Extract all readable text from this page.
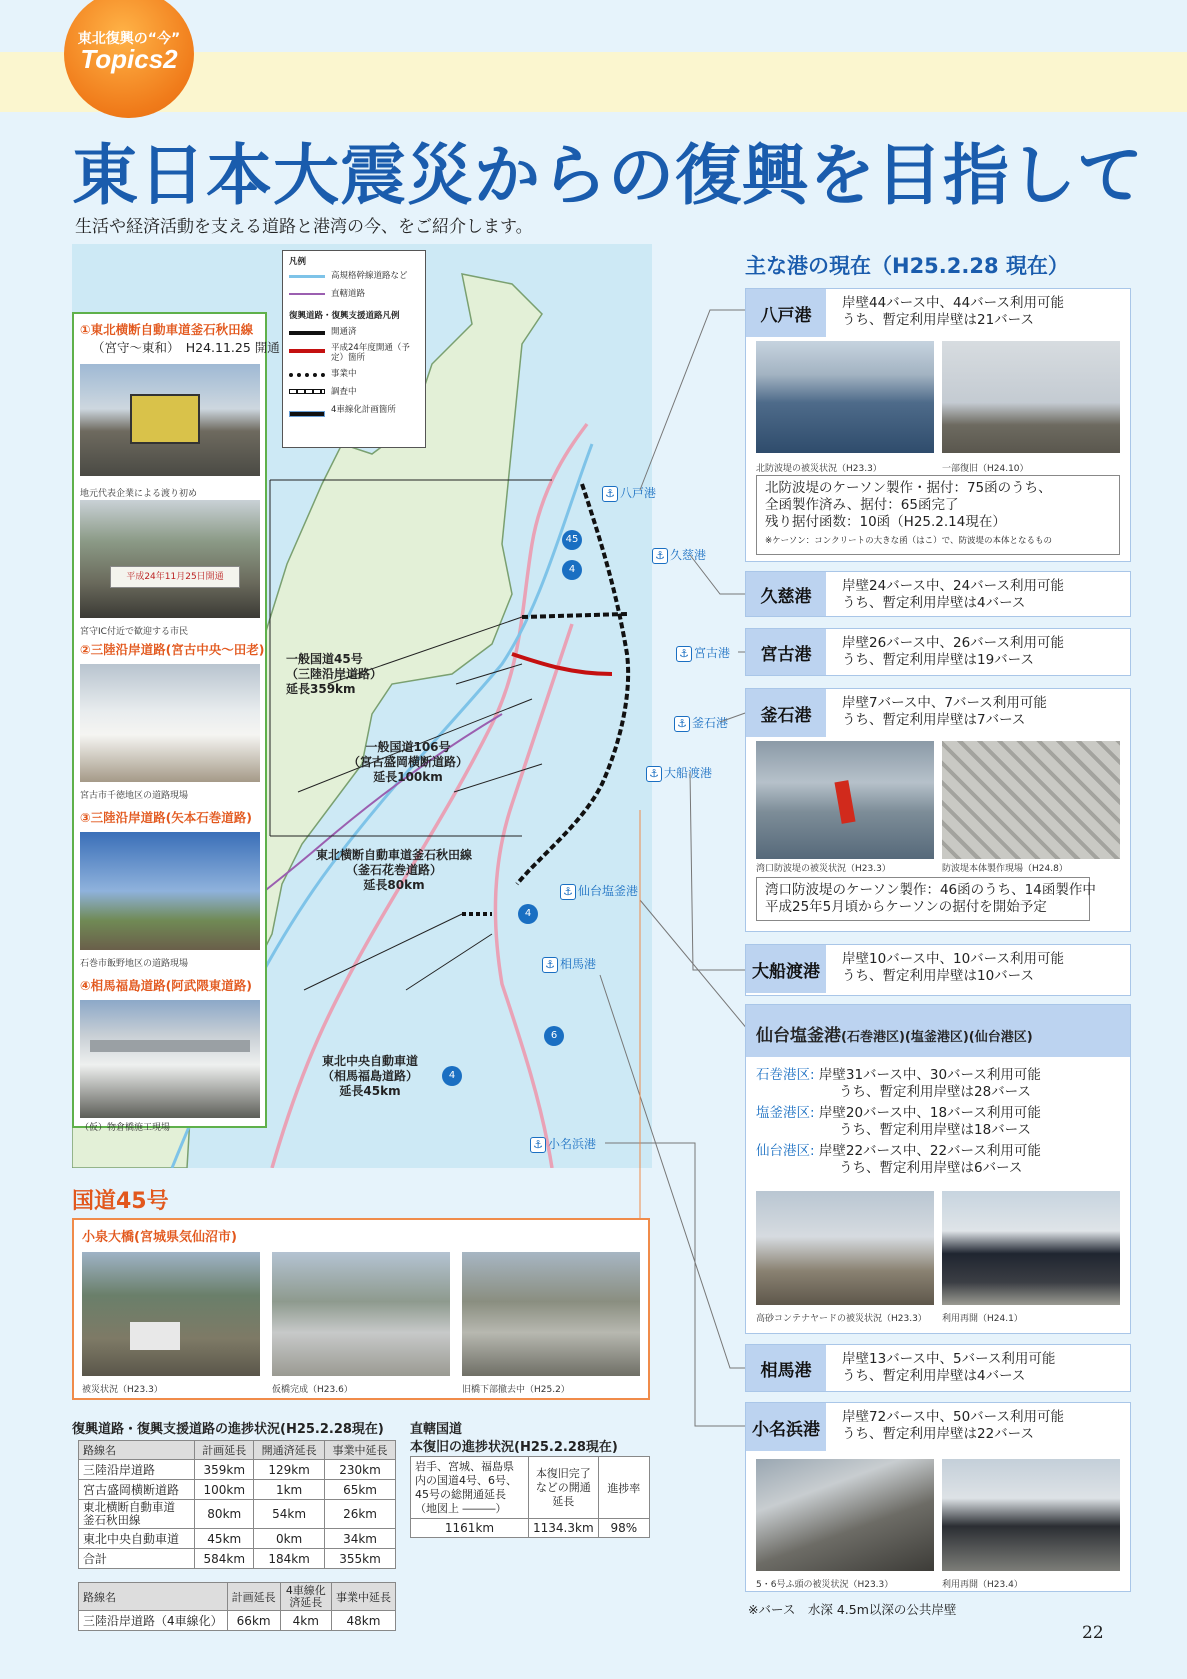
東北復興の“今”
Topics2
東日本大震災からの復興を目指して
生活や経済活動を支える道路と港湾の今、をご紹介します。
凡例
高規格幹線道路など
直轄道路
復興道路・復興支援道路凡例
開通済
平成24年度開通（予定）箇所
事業中
調査中
4車線化計画箇所
一般国道45号
（三陸沿岸道路）
延長359km
一般国道106号
（宮古盛岡横断道路）
延長100km
東北横断自動車道釜石秋田線
（釜石花巻道路）
延長80km
東北中央自動車道
（相馬福島道路）
延長45km
45
4
4
6
4
⚓ 八戸港
⚓ 久慈港
⚓ 宮古港
⚓ 釜石港
⚓ 大船渡港
⚓ 仙台塩釜港
⚓ 相馬港
⚓ 小名浜港
①東北横断自動車道釜石秋田線
（宮守～東和）　H24.11.25 開通
地元代表企業による渡り初め
平成24年11月25日開通
宮守IC付近で歓迎する市民
②三陸沿岸道路(宮古中央～田老)
宮古市千徳地区の道路現場
③三陸沿岸道路(矢本石巻道路)
石巻市飯野地区の道路現場
④相馬福島道路(阿武隈東道路)
（仮）物倉橋施工現場
国道45号
小泉大橋(宮城県気仙沼市)
被災状況（H23.3）	仮橋完成（H23.6）	旧橋下部撤去中（H25.2）
復興道路・復興支援道路の進捗状況(H25.2.28現在)
路線名	計画延長	開通済延長	事業中延長
三陸沿岸道路	359km	129km	230km
宮古盛岡横断道路	100km	1km	65km
東北横断自動車道
釜石秋田線	80km	54km	26km
東北中央自動車道	45km	0km	34km
合計	584km	184km	355km
路線名	計画延長	4車線化済延長	事業中延長
三陸沿岸道路（4車線化）	66km	4km	48km
直轄国道
本復旧の進捗状況(H25.2.28現在)
岩手、宮城、福島県内の国道4号、6号、45号の総開通延長（地図上 ―――）	本復旧完了などの開通延長	進捗率
1161km	1134.3km	98%
主な港の現在（H25.2.28 現在）
八戸港
岸壁44バース中、44バース利用可能
うち、暫定利用岸壁は21バース
北防波堤の被災状況（H23.3）	一部復旧（H24.10）
北防波堤のケーソン製作・据付：75函のうち、
全函製作済み、据付：65函完了
残り据付函数：10函（H25.2.14現在）
※ケーソン：コンクリートの大きな函（はこ）で、防波堤の本体となるもの
久慈港
岸壁24バース中、24バース利用可能
うち、暫定利用岸壁は4バース
宮古港
岸壁26バース中、26バース利用可能
うち、暫定利用岸壁は19バース
釜石港
岸壁7バース中、7バース利用可能
うち、暫定利用岸壁は7バース
湾口防波堤の被災状況（H23.3）	防波堤本体製作現場（H24.8）
湾口防波堤のケーソン製作：46函のうち、14函製作中
平成25年5月頃からケーソンの据付を開始予定
大船渡港
岸壁10バース中、10バース利用可能
うち、暫定利用岸壁は10バース
仙台塩釜港(石巻港区)(塩釜港区)(仙台港区)
石巻港区: 岸壁31バース中、30バース利用可能
うち、暫定利用岸壁は28バース
塩釜港区: 岸壁20バース中、18バース利用可能
うち、暫定利用岸壁は18バース
仙台港区: 岸壁22バース中、22バース利用可能
うち、暫定利用岸壁は6バース
高砂コンテナヤードの被災状況（H23.3） 利用再開（H24.1）
相馬港
岸壁13バース中、5バース利用可能
うち、暫定利用岸壁は4バース
小名浜港
岸壁72バース中、50バース利用可能
うち、暫定利用岸壁は22バース
5・6号ふ頭の被災状況（H23.3）	利用再開（H23.4）
※バース　水深 4.5m以深の公共岸壁
22
